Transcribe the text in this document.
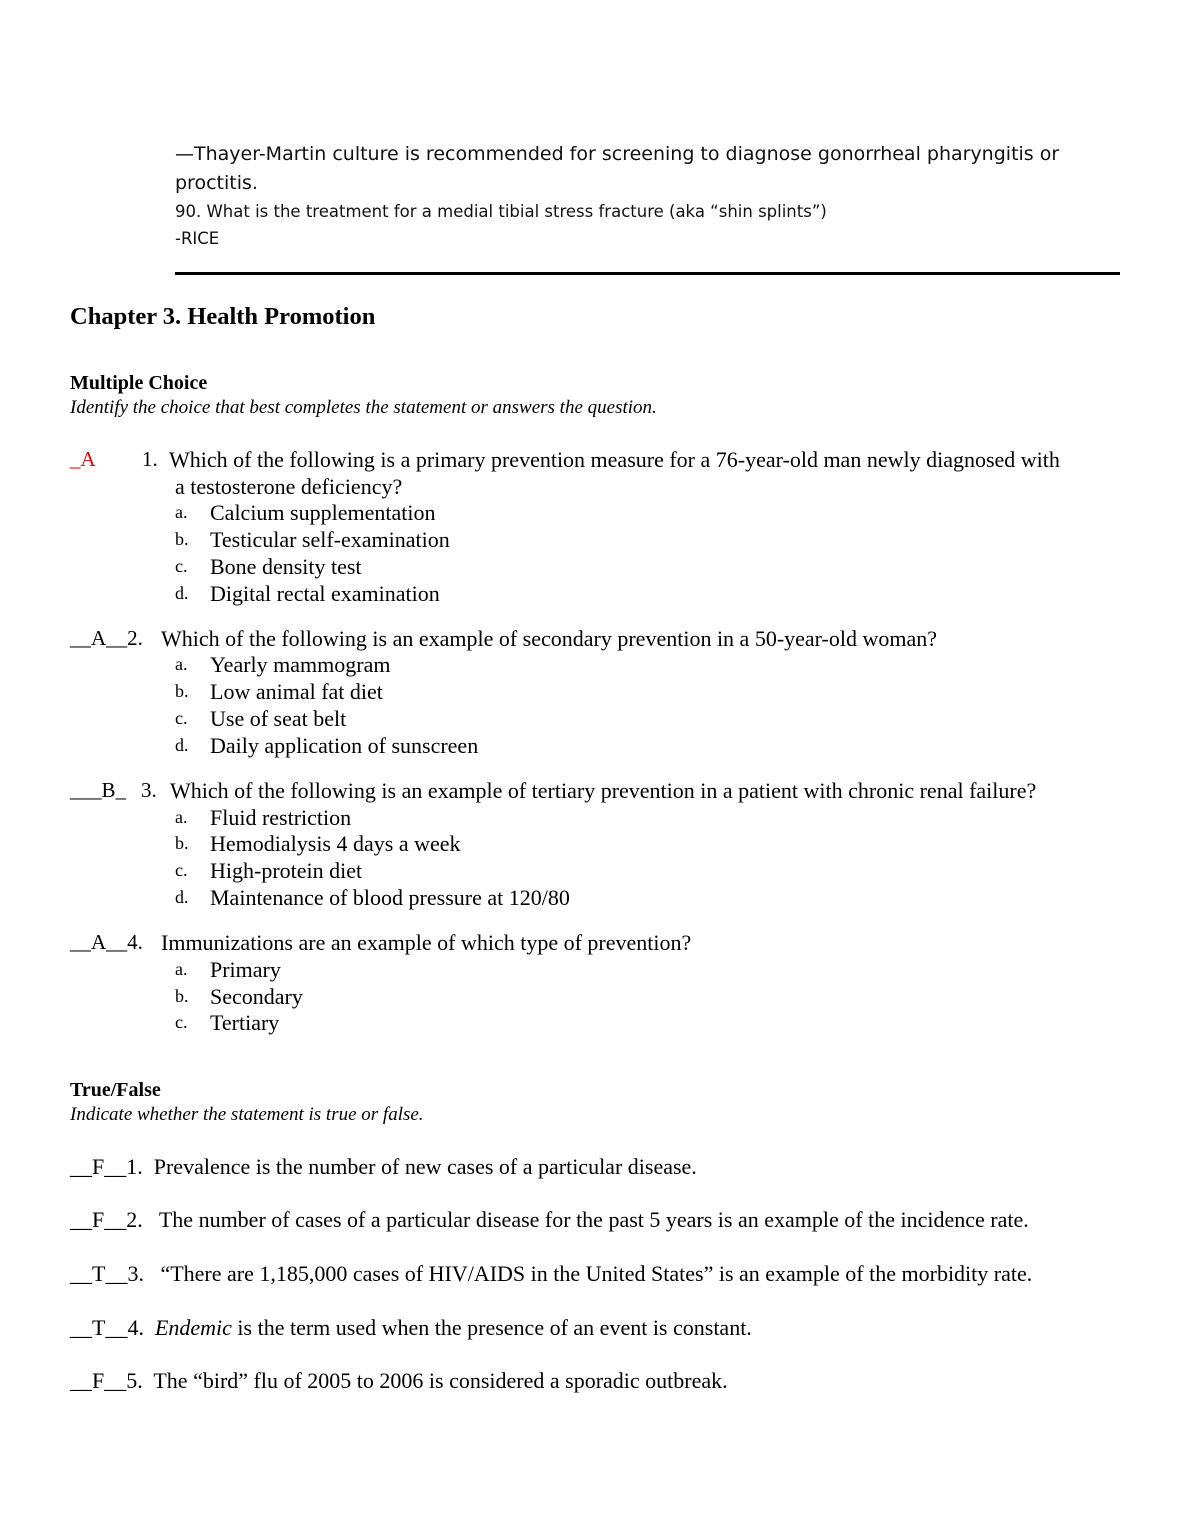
—Thayer-Martin culture is recommended for screening to diagnose gonorrheal pharyngitis or proctitis.
90. What is the treatment for a medial tibial stress fracture (aka “shin splints”)
-RICE
Chapter 3. Health Promotion
Multiple Choice
Identify the choice that best completes the statement or answers the question.
_A 1. Which of the following is a primary prevention measure for a 76-year-old man newly diagnosed with
a testosterone deficiency?
a. Calcium supplementation
b. Testicular self-examination
c. Bone density test
d. Digital rectal examination
__A__2. Which of the following is an example of secondary prevention in a 50-year-old woman?
a. Yearly mammogram
b. Low animal fat diet
c. Use of seat belt
d. Daily application of sunscreen
___B_ 3. Which of the following is an example of tertiary prevention in a patient with chronic renal failure?
a. Fluid restriction
b. Hemodialysis 4 days a week
c. High-protein diet
d. Maintenance of blood pressure at 120/80
__A__4. Immunizations are an example of which type of prevention?
a. Primary
b. Secondary
c. Tertiary
True/False
Indicate whether the statement is true or false.
__F__1. Prevalence is the number of new cases of a particular disease.
__F__2. The number of cases of a particular disease for the past 5 years is an example of the incidence rate.
__T__3. “There are 1,185,000 cases of HIV/AIDS in the United States” is an example of the morbidity rate.
__T__4. Endemic is the term used when the presence of an event is constant.
__F__5. The “bird” flu of 2005 to 2006 is considered a sporadic outbreak.
